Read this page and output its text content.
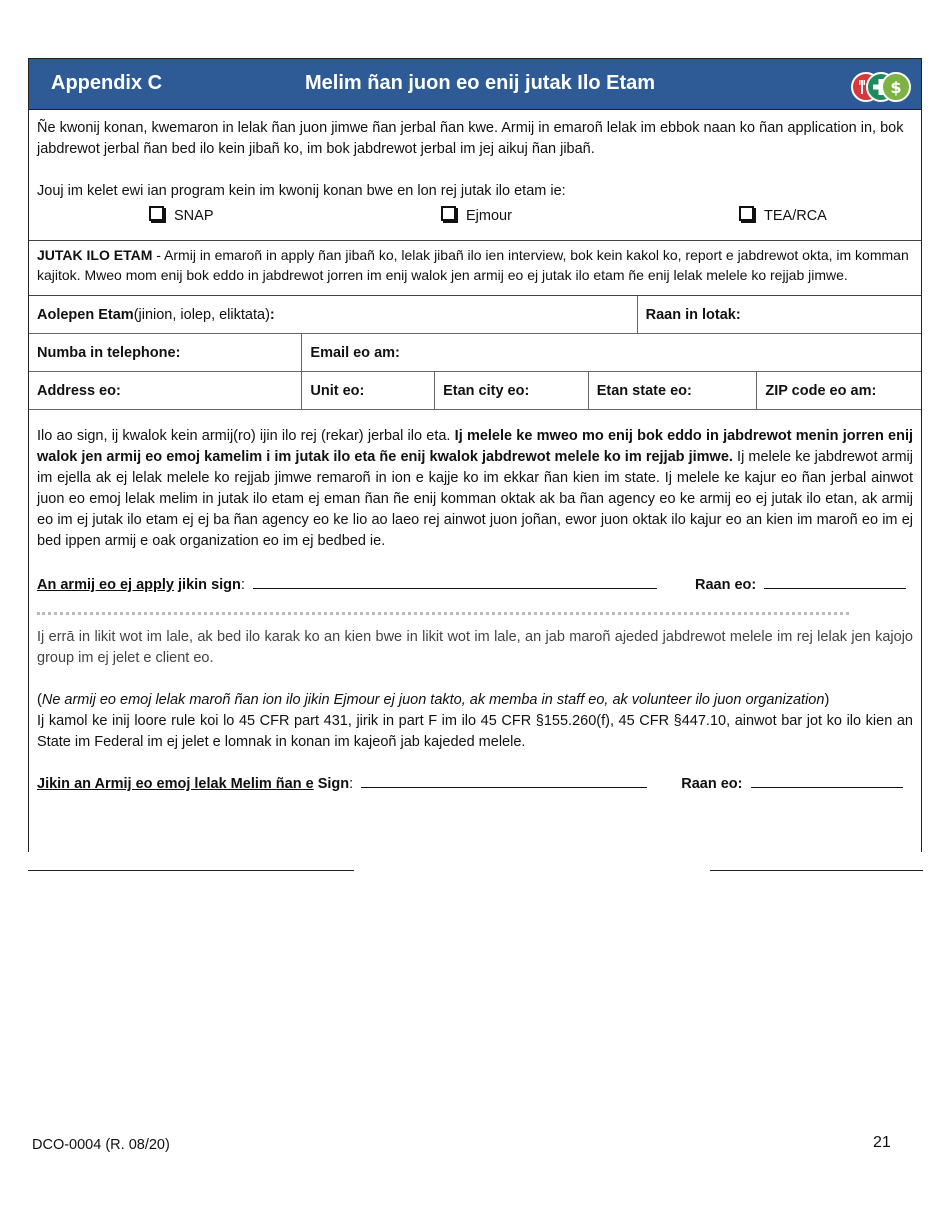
Appendix C	Melim ñan juon eo enij jutak Ilo Etam	$

Ñe kwonij konan, kwemaron in lelak ñan juon jimwe ñan jerbal ñan kwe. Armij in emaroñ lelak im ebbok naan ko ñan application in, bok jabdrewot jerbal ñan bed ilo kein jibañ ko, im bok jabdrewot jerbal im jej aikuj ñan jibañ.

Jouj im kelet ewi ian program kein im kwonij konan bwe en lon rej jutak ilo etam ie:

SNAP	Ejmour	TEA/RCA
JUTAK ILO ETAM - Armij in emaroñ in apply ñan jibañ ko, lelak jibañ ilo ien interview, bok kein kakol ko, report e jabdrewot okta, im komman kajitok. Mweo mom enij bok eddo in jabdrewot jorren im enij walok jen armij eo ej jutak ilo etam ñe enij lelak melele ko rejjab jimwe.
Aolepen Etam (jinion, iolep, eliktata) :	Raan in lotak:
Numba in telephone:	Email eo am:
Address eo:	Unit eo:	Etan city eo:	Etan state eo:	ZIP code eo am:
Ilo ao sign, ij kwalok kein armij(ro) ijin ilo rej (rekar) jerbal ilo eta. Ij melele ke mweo mo enij bok eddo in jabdrewot menin jorren enij walok jen armij eo emoj kamelim i im jutak ilo eta ñe enij kwalok jabdrewot melele ko im rejjab jimwe. Ij melele ke jabdrewot armij im ejella ak ej lelak melele ko rejjab jimwe remaroñ in ion e kajje ko im ekkar ñan kien im state. Ij melele ke kajur eo ñan jerbal ainwot juon eo emoj lelak melim in jutak ilo etam ej eman ñan ñe enij komman oktak ak ba ñan agency eo ke armij eo ej jutak ilo etan, ak armij eo im ej jutak ilo etam ej ej ba ñan agency eo ke lio ao laeo rej ainwot juon joñan, ewor juon oktak ilo kajur eo an kien im maroñ eo im ej bed ippen armij e oak organization eo im ej bedbed ie.
An armij eo ej apply jikin sign:	Raan eo:
Ij errā in likit wot im lale, ak bed ilo karak ko an kien bwe in likit wot im lale, an jab maroñ ajeded jabdrewot melele im rej lelak jen kajojo group im ej jelet e client eo.
(Ne armij eo emoj lelak maroñ ñan ion ilo jikin Ejmour ej juon takto, ak memba in staff eo, ak volunteer ilo juon organization)
Ij kamol ke inij loore rule koi lo 45 CFR part 431, jirik in part F im ilo 45 CFR §155.260(f), 45 CFR §447.10, ainwot bar jot ko ilo kien an State im Federal im ej jelet e lomnak in konan im kajeoñ jab kajeded melele.
Jikin an Armij eo emoj lelak Melim ñan e Sign:	Raan eo:
DCO-0004 (R. 08/20)	21
